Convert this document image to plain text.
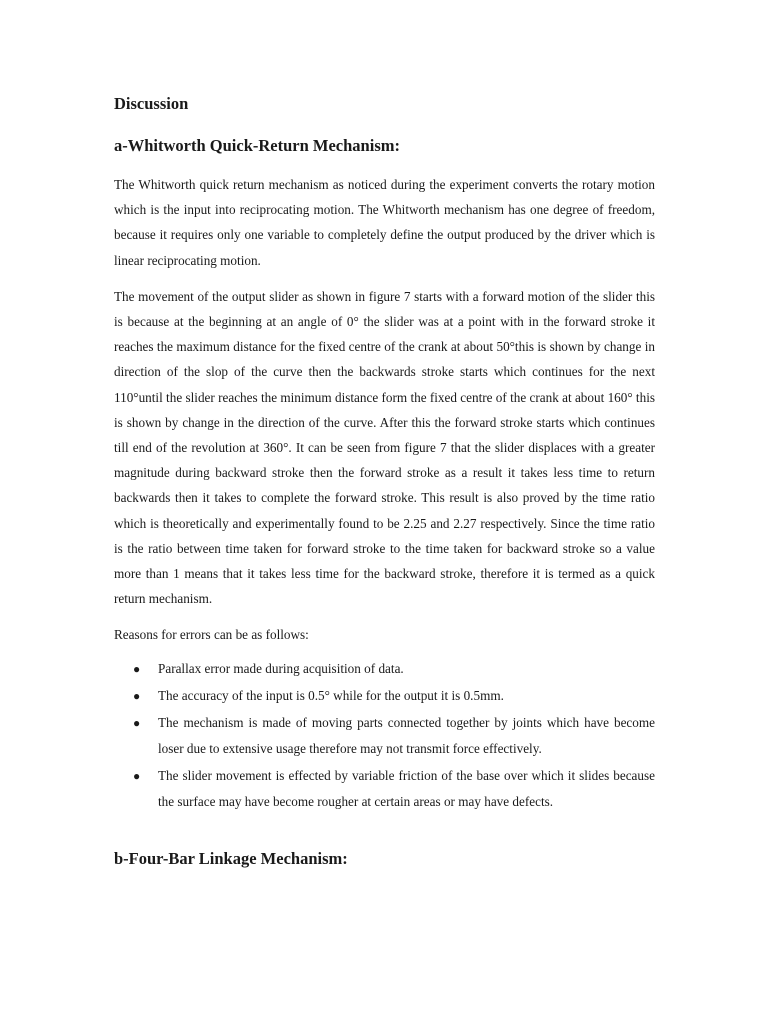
Discussion
a-Whitworth Quick-Return Mechanism:

The Whitworth quick return mechanism as noticed during the experiment converts the rotary motion which is the input into reciprocating motion. The Whitworth mechanism has one degree of freedom, because it requires only one variable to completely define the output produced by the driver which is linear reciprocating motion.

The movement of the output slider as shown in figure 7 starts with a forward motion of the slider this is because at the beginning at an angle of 0° the slider was at a point with in the forward stroke it reaches the maximum distance for the fixed centre of the crank at about 50°this is shown by change in direction of the slop of the curve then the backwards stroke starts which continues for the next 110°until the slider reaches the minimum distance form the fixed centre of the crank at about 160° this is shown by change in the direction of the curve. After this the forward stroke starts which continues till end of the revolution at 360°. It can be seen from figure 7 that the slider displaces with a greater magnitude during backward stroke then the forward stroke as a result it takes less time to return backwards then it takes to complete the forward stroke. This result is also proved by the time ratio which is theoretically and experimentally found to be 2.25 and 2.27 respectively. Since the time ratio is the ratio between time taken for forward stroke to the time taken for backward stroke so a value more than 1 means that it takes less time for the backward stroke, therefore it is termed as a quick return mechanism.

Reasons for errors can be as follows:

● Parallax error made during acquisition of data.
● The accuracy of the input is 0.5° while for the output it is 0.5mm.
● The mechanism is made of moving parts connected together by joints which have become loser due to extensive usage therefore may not transmit force effectively.
● The slider movement is effected by variable friction of the base over which it slides because the surface may have become rougher at certain areas or may have defects.
b-Four-Bar Linkage Mechanism:
